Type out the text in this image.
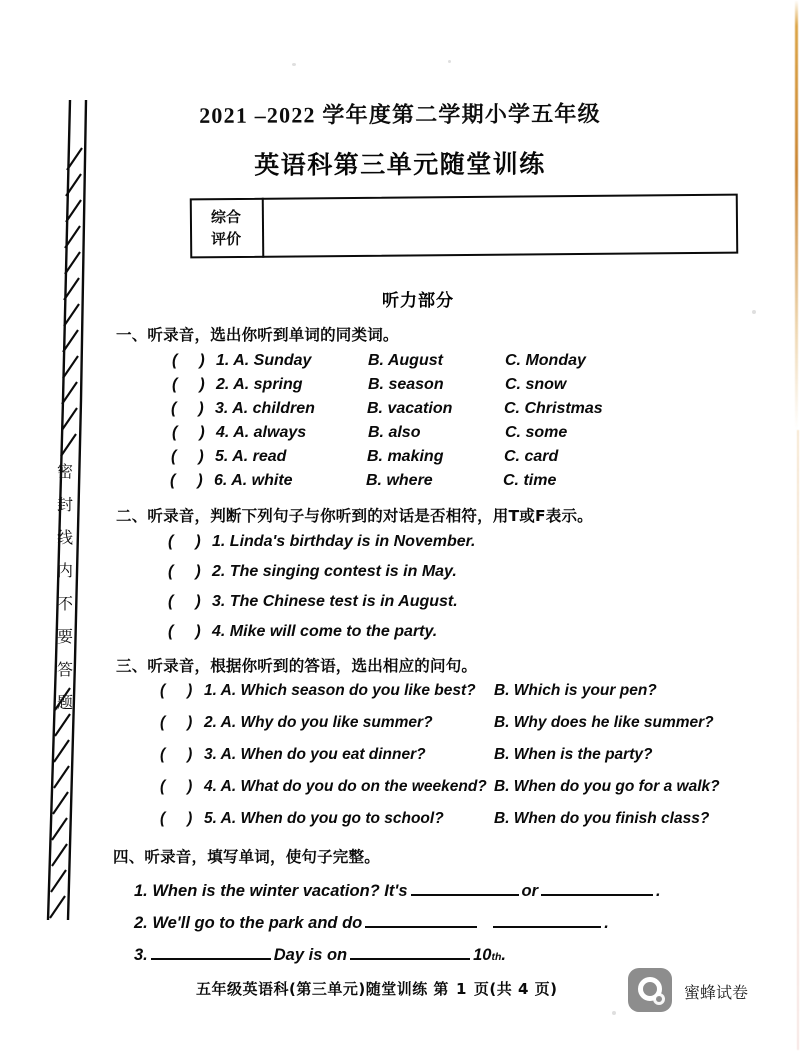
密
封
线
内
不
要
答
题
2021 –2022 学年度第二学期小学五年级
英语科第三单元随堂训练
综合
评价
听力部分
一、听录音，选出你听到单词的同类词。
( ) 1. A. Sunday	B. August	C. Monday
( ) 2. A. spring	B. season	C. snow
( ) 3. A. children	B. vacation	C. Christmas
( ) 4. A. always	B. also	C. some
( ) 5. A. read	B. making	C. card
( ) 6. A. white	B. where	C. time
二、听录音，判断下列句子与你听到的对话是否相符，用T或F表示。
( ) 1.
Linda's birthday is in November.
( ) 2.
The singing contest is in May.
( ) 3.
The Chinese test is in August.
( ) 4.
Mike will come to the party.
三、听录音，根据你听到的答语，选出相应的问句。
( ) 1. A. Which season do you like best?	B. Which is your pen?
( ) 2. A. Why do you like summer?	B. Why does he like summer?
( ) 3. A. When do you eat dinner?	B. When is the party?
( ) 4. A. What do you do on the weekend? B. When do you go for a walk?
( ) 5. A. When do you go to school?	B. When do you finish class?
四、听录音，填写单词，使句子完整。
1.
When is the winter vacation? It's	or	.
2.
We'll go to the park and do	.
3.	Day is on	10 th .
五年级英语科(第三单元)随堂训练 第 1 页(共 4 页)	蜜蜂试卷
